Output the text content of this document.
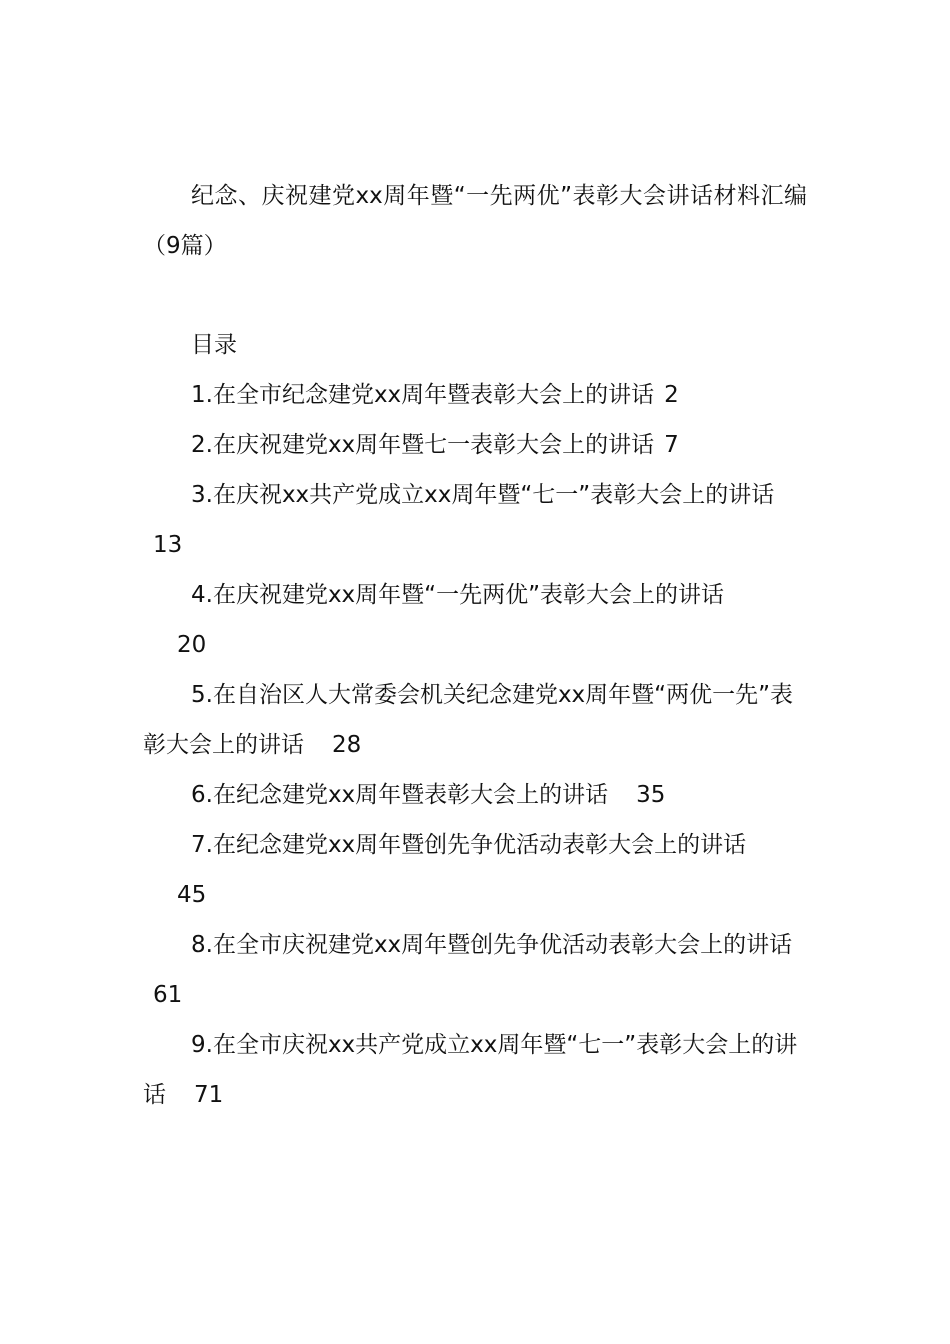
纪念、庆祝建党xx周年暨“一先两优”表彰大会讲话材料汇编（9篇）
目录
1.在全市纪念建党xx周年暨表彰大会上的讲话 2
2.在庆祝建党xx周年暨七一表彰大会上的讲话 7
3.在庆祝xx共产党成立xx周年暨“七一”表彰大会上的讲话13
4.在庆祝建党xx周年暨“一先两优”表彰大会上的讲话
20
5.在自治区人大常委会机关纪念建党xx周年暨“两优一先”表彰大会上的讲话 28
6.在纪念建党xx周年暨表彰大会上的讲话 35
7.在纪念建党xx周年暨创先争优活动表彰大会上的讲话
45
8.在全市庆祝建党xx周年暨创先争优活动表彰大会上的讲话61
9.在全市庆祝xx共产党成立xx周年暨“七一”表彰大会上的讲话 71
